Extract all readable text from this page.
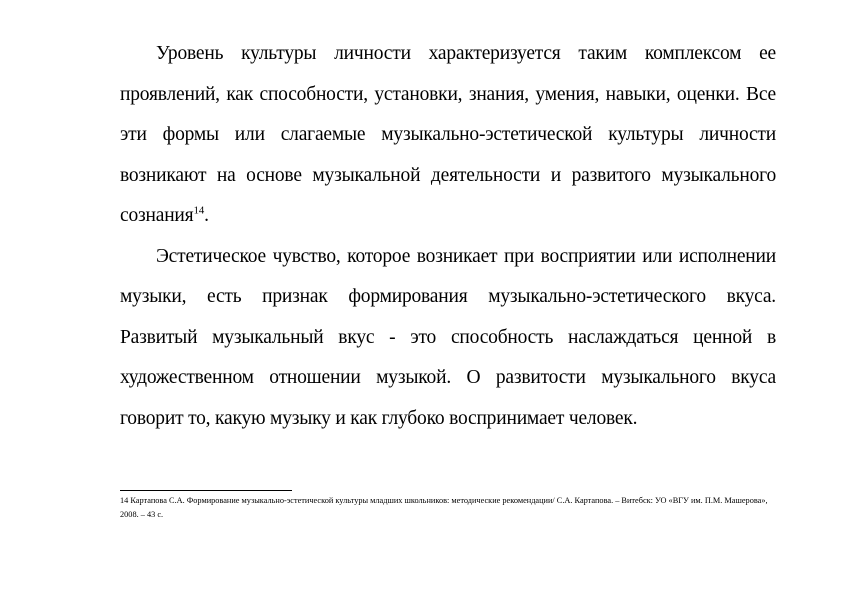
Уровень культуры личности характеризуется таким комплексом ее проявлений, как способности, установки, знания, умения, навыки, оценки. Все эти формы или слагаемые музыкально-эстетической культуры личности возникают на основе музыкальной деятельности и развитого музыкального сознания$^{14}$.

Эстетическое чувство, которое возникает при восприятии или исполнении музыки, есть признак формирования музыкально-эстетического вкуса. Развитый музыкальный вкус - это способность наслаждаться ценной в художественном отношении музыкой. О развитости музыкального вкуса говорит то, какую музыку и как глубоко воспринимает человек.

14 Картапова С.А. Формирование музыкально-эстетической культуры младших школьников: методические рекомендации/ С.А. Картапова. – Витебск: УО «ВГУ им. П.М. Машерова», 2008. – 43 с.
